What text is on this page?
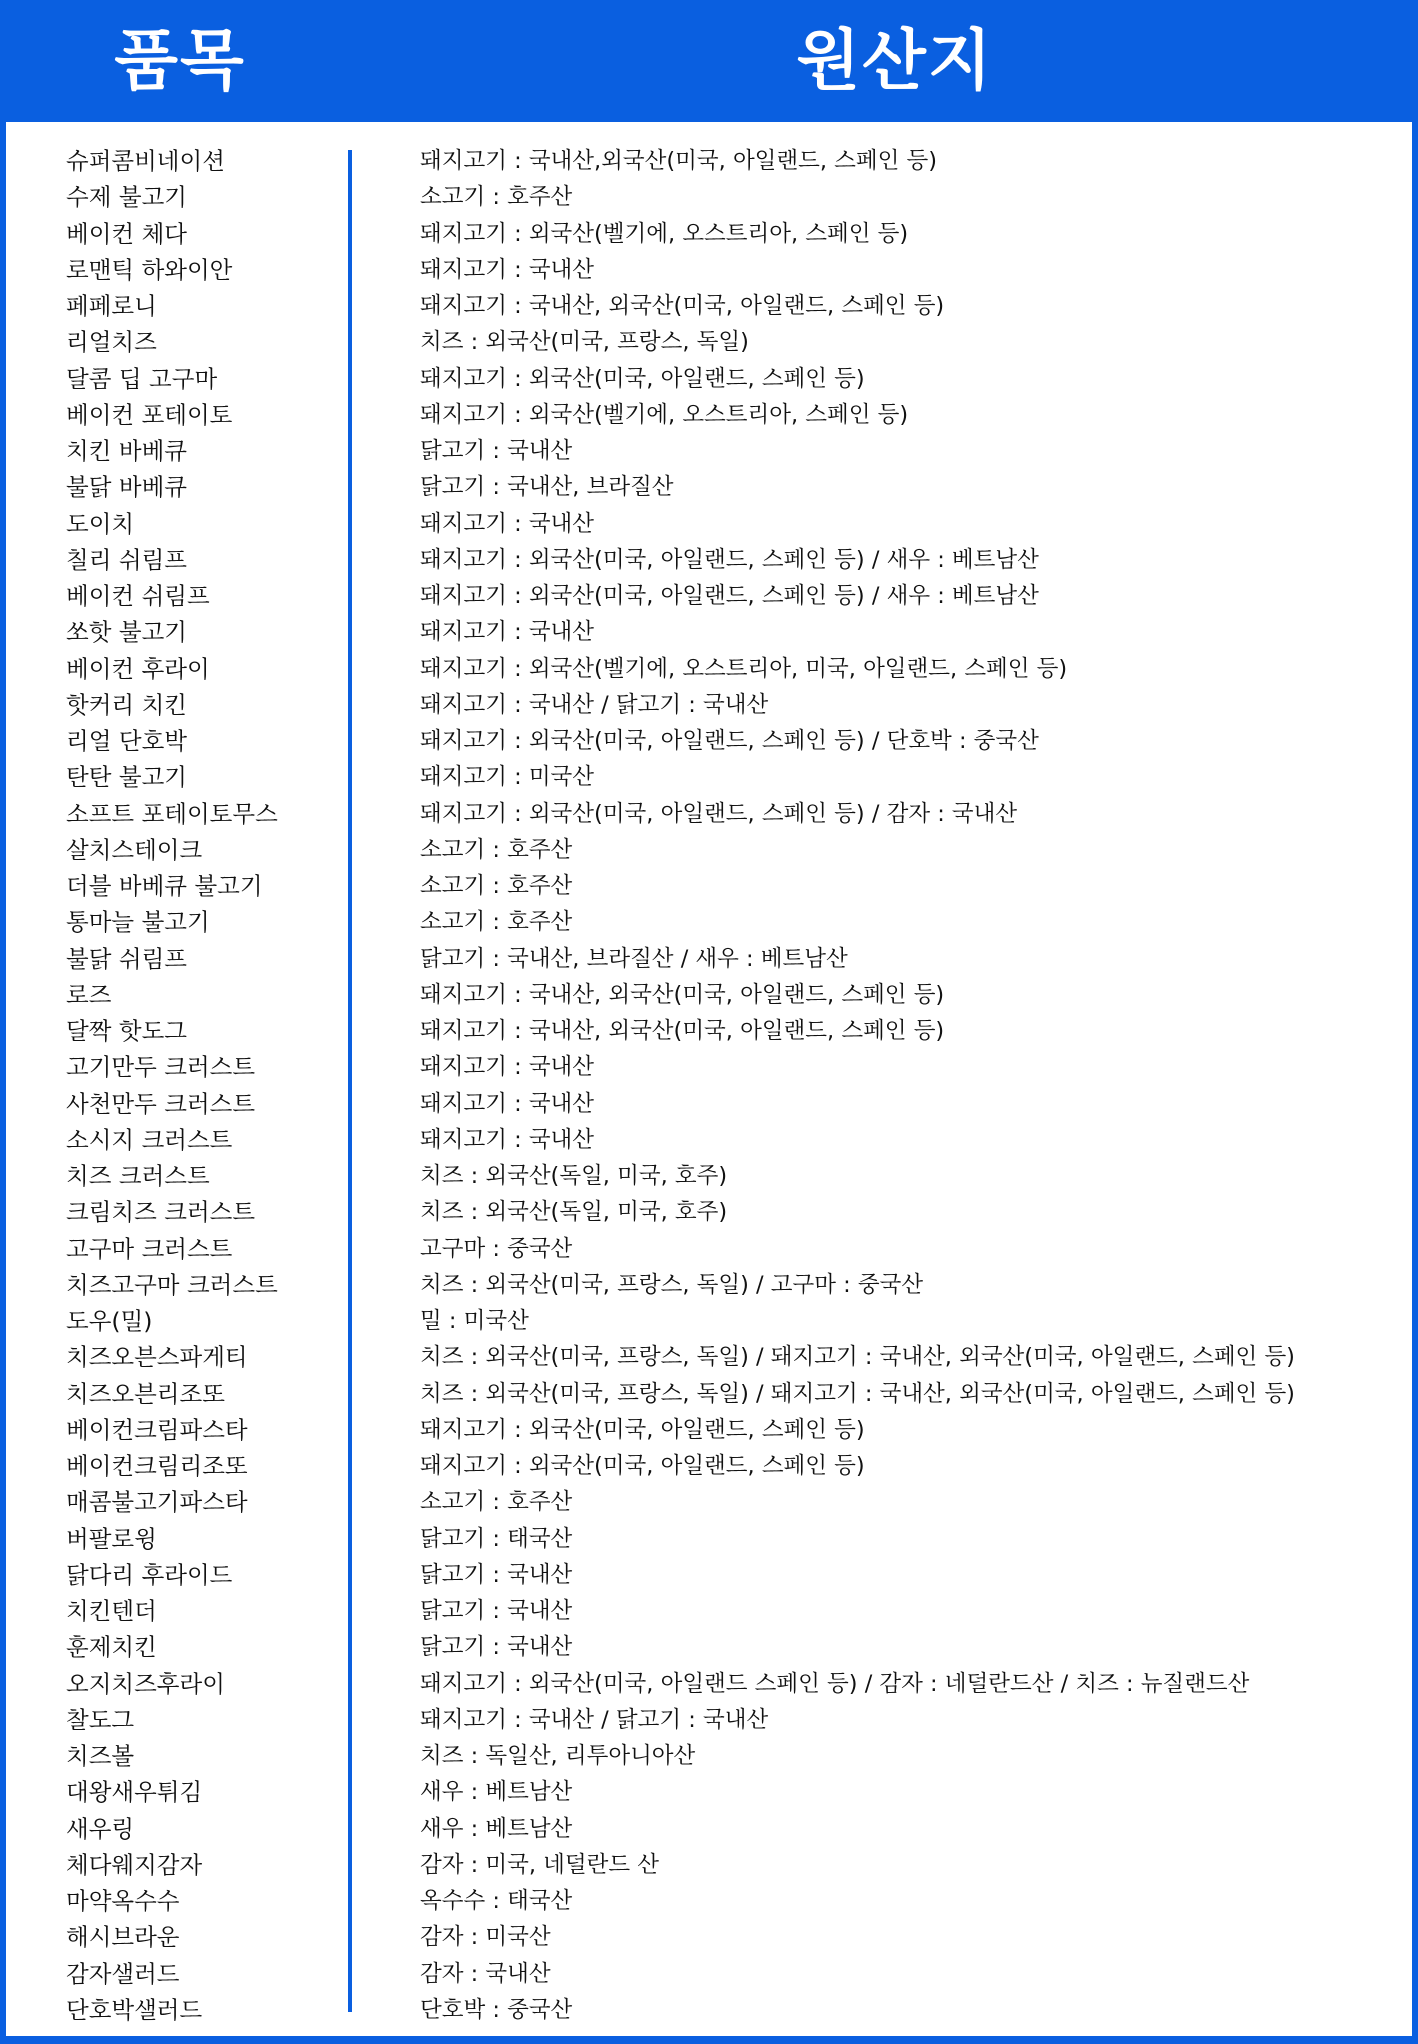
품목	원산지
슈퍼콤비네이션	돼지고기 : 국내산,외국산(미국, 아일랜드, 스페인 등)
수제 불고기	소고기 : 호주산
베이컨 체다	돼지고기 : 외국산(벨기에, 오스트리아, 스페인 등)
로맨틱 하와이안	돼지고기 : 국내산
페페로니	돼지고기 : 국내산, 외국산(미국, 아일랜드, 스페인 등)
리얼치즈	치즈 : 외국산(미국, 프랑스, 독일)
달콤 딥 고구마	돼지고기 : 외국산(미국, 아일랜드, 스페인 등)
베이컨 포테이토	돼지고기 : 외국산(벨기에, 오스트리아, 스페인 등)
치킨 바베큐	닭고기 : 국내산
불닭 바베큐	닭고기 : 국내산, 브라질산
도이치	돼지고기 : 국내산
칠리 쉬림프	돼지고기 : 외국산(미국, 아일랜드, 스페인 등) / 새우 : 베트남산
베이컨 쉬림프	돼지고기 : 외국산(미국, 아일랜드, 스페인 등) / 새우 : 베트남산
쏘핫 불고기	돼지고기 : 국내산
베이컨 후라이	돼지고기 : 외국산(벨기에, 오스트리아, 미국, 아일랜드, 스페인 등)
핫커리 치킨	돼지고기 : 국내산 / 닭고기 : 국내산
리얼 단호박	돼지고기 : 외국산(미국, 아일랜드, 스페인 등) / 단호박 : 중국산
탄탄 불고기	돼지고기 : 미국산
소프트 포테이토무스	돼지고기 : 외국산(미국, 아일랜드, 스페인 등) / 감자 : 국내산
살치스테이크	소고기 : 호주산
더블 바베큐 불고기	소고기 : 호주산
통마늘 불고기	소고기 : 호주산
불닭 쉬림프	닭고기 : 국내산, 브라질산 / 새우 : 베트남산
로즈	돼지고기 : 국내산, 외국산(미국, 아일랜드, 스페인 등)
달짝 핫도그	돼지고기 : 국내산, 외국산(미국, 아일랜드, 스페인 등)
고기만두 크러스트	돼지고기 : 국내산
사천만두 크러스트	돼지고기 : 국내산
소시지 크러스트	돼지고기 : 국내산
치즈 크러스트	치즈 : 외국산(독일, 미국, 호주)
크림치즈 크러스트	치즈 : 외국산(독일, 미국, 호주)
고구마 크러스트	고구마 : 중국산
치즈고구마 크러스트	치즈 : 외국산(미국, 프랑스, 독일) / 고구마 : 중국산
도우(밀)	밀 : 미국산
치즈오븐스파게티	치즈 : 외국산(미국, 프랑스, 독일) / 돼지고기 : 국내산, 외국산(미국, 아일랜드, 스페인 등)
치즈오븐리조또	치즈 : 외국산(미국, 프랑스, 독일) / 돼지고기 : 국내산, 외국산(미국, 아일랜드, 스페인 등)
베이컨크림파스타	돼지고기 : 외국산(미국, 아일랜드, 스페인 등)
베이컨크림리조또	돼지고기 : 외국산(미국, 아일랜드, 스페인 등)
매콤불고기파스타	소고기 : 호주산
버팔로윙	닭고기 : 태국산
닭다리 후라이드	닭고기 : 국내산
치킨텐더	닭고기 : 국내산
훈제치킨	닭고기 : 국내산
오지치즈후라이	돼지고기 : 외국산(미국, 아일랜드 스페인 등) / 감자 : 네덜란드산 / 치즈 : 뉴질랜드산
찰도그	돼지고기 : 국내산 / 닭고기 : 국내산
치즈볼	치즈 : 독일산, 리투아니아산
대왕새우튀김	새우 : 베트남산
새우링	새우 : 베트남산
체다웨지감자	감자 : 미국, 네덜란드 산
마약옥수수	옥수수 : 태국산
해시브라운	감자 : 미국산
감자샐러드	감자 : 국내산
단호박샐러드	단호박 : 중국산
